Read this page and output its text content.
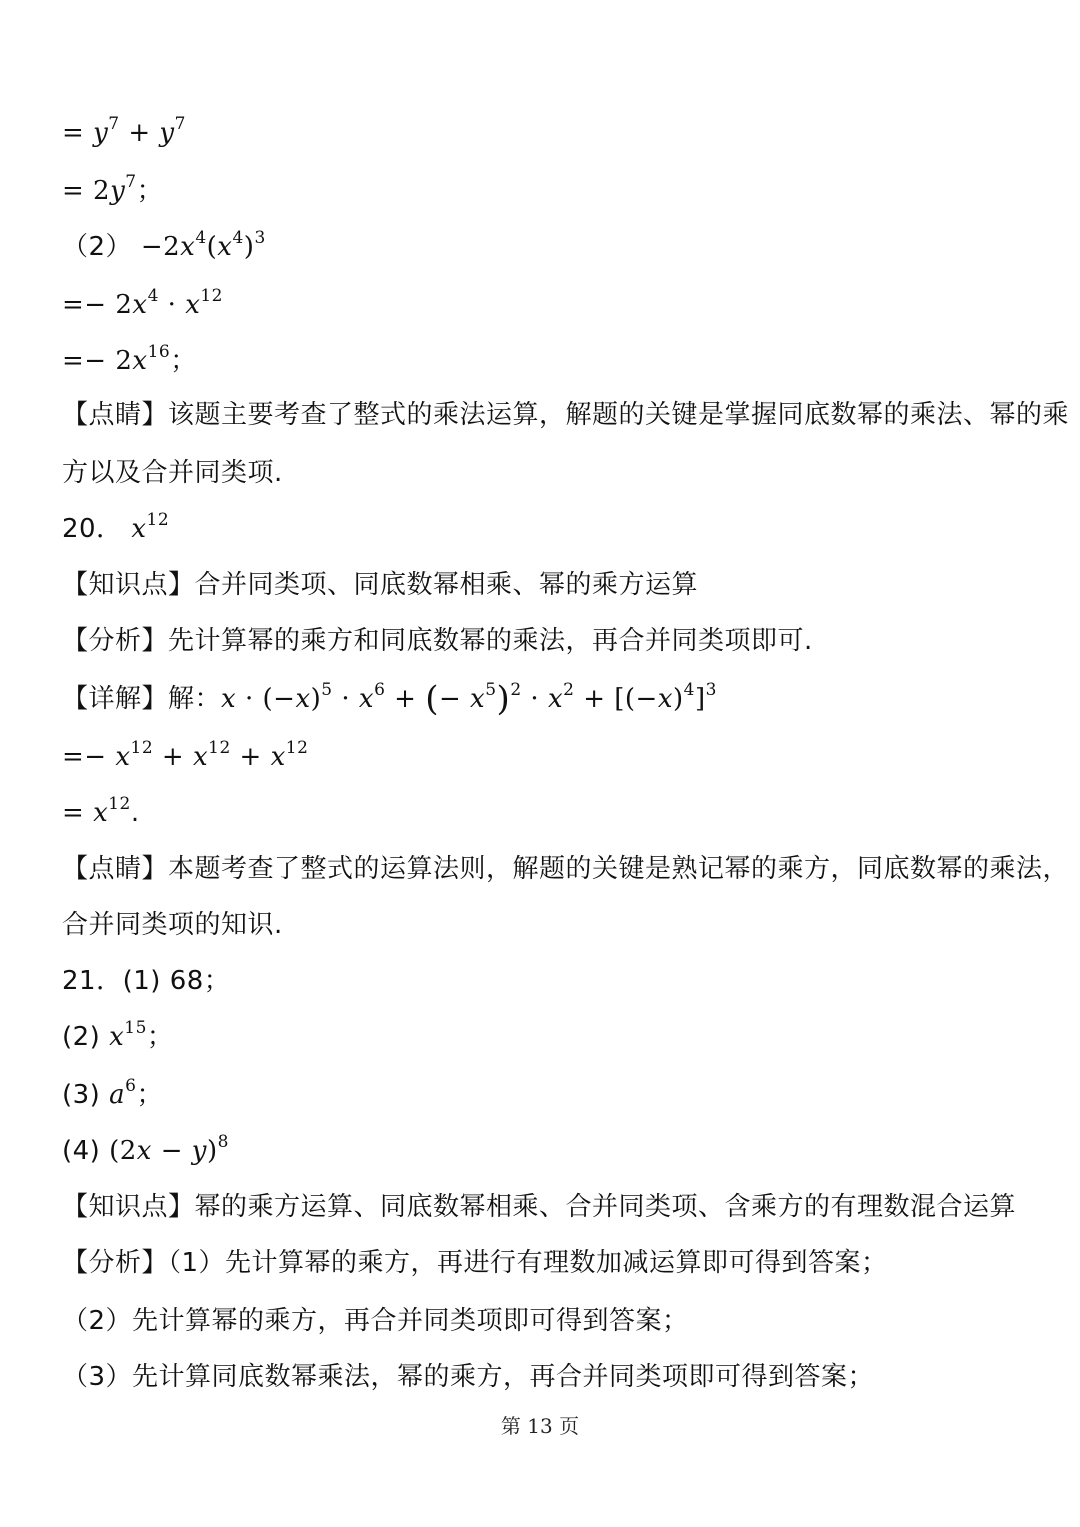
= $y^7 + y^7$
= $2y^7$；
$(2) -2x^4(x^4)^3$
=− $2x^4 \cdot x^{12}$
=− $2x^{16}$；
【点睛】该题主要考查了整式的乘法运算，解题的关键是掌握同底数幂的乘法、幂的乘
方以及合并同类项.
20． $x^{12}$
【知识点】合并同类项、同底数幂相乘、幂的乘方运算
【分析】先计算幂的乘方和同底数幂的乘法，再合并同类项即可.
【详解】解：$x \cdot (-x)^5 \cdot x^6$ + (− $x^5)^2 \cdot x^2 + [(-x)^4]^3$
=− $x^{12} + x^{12} + x^{12}$
= $x^{12}$.
【点睛】本题考查了整式的运算法则，解题的关键是熟记幂的乘方，同底数幂的乘法，
合并同类项的知识.
21．(1) 68；
(2) $x^{15}$；
(3) $a^6$；
(4) $(2x - y)^8$
【知识点】幂的乘方运算、同底数幂相乘、合并同类项、含乘方的有理数混合运算
【分析】（1）先计算幂的乘方，再进行有理数加减运算即可得到答案；
（2）先计算幂的乘方，再合并同类项即可得到答案；
（3）先计算同底数幂乘法，幂的乘方，再合并同类项即可得到答案；
第 13 页
